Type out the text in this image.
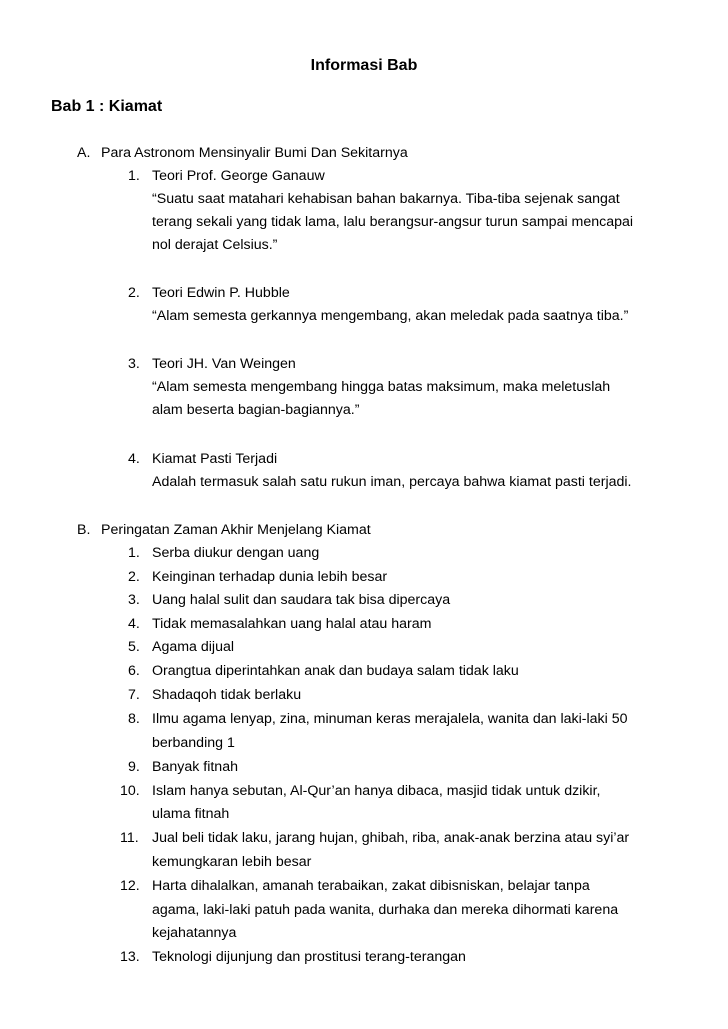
Informasi Bab
Bab 1 : Kiamat
A. Para Astronom Mensinyalir Bumi Dan Sekitarnya
1. Teori Prof. George Ganauw
“Suatu saat matahari kehabisan bahan bakarnya. Tiba-tiba sejenak sangat
terang sekali yang tidak lama, lalu berangsur-angsur turun sampai mencapai
nol derajat Celsius.”
2. Teori Edwin P. Hubble
“Alam semesta gerkannya mengembang, akan meledak pada saatnya tiba.”
3. Teori JH. Van Weingen
“Alam semesta mengembang hingga batas maksimum, maka meletuslah
alam beserta bagian-bagiannya.”
4. Kiamat Pasti Terjadi
Adalah termasuk salah satu rukun iman, percaya bahwa kiamat pasti terjadi.
B. Peringatan Zaman Akhir Menjelang Kiamat
1. Serba diukur dengan uang
2. Keinginan terhadap dunia lebih besar
3. Uang halal sulit dan saudara tak bisa dipercaya
4. Tidak memasalahkan uang halal atau haram
5. Agama dijual
6. Orangtua diperintahkan anak dan budaya salam tidak laku
7. Shadaqoh tidak berlaku
8. Ilmu agama lenyap, zina, minuman keras merajalela, wanita dan laki-laki 50
berbanding 1
9. Banyak fitnah
10. Islam hanya sebutan, Al-Qur’an hanya dibaca, masjid tidak untuk dzikir,
ulama fitnah
11. Jual beli tidak laku, jarang hujan, ghibah, riba, anak-anak berzina atau syi’ar
kemungkaran lebih besar
12. Harta dihalalkan, amanah terabaikan, zakat dibisniskan, belajar tanpa
agama, laki-laki patuh pada wanita, durhaka dan mereka dihormati karena
kejahatannya
13. Teknologi dijunjung dan prostitusi terang-terangan
